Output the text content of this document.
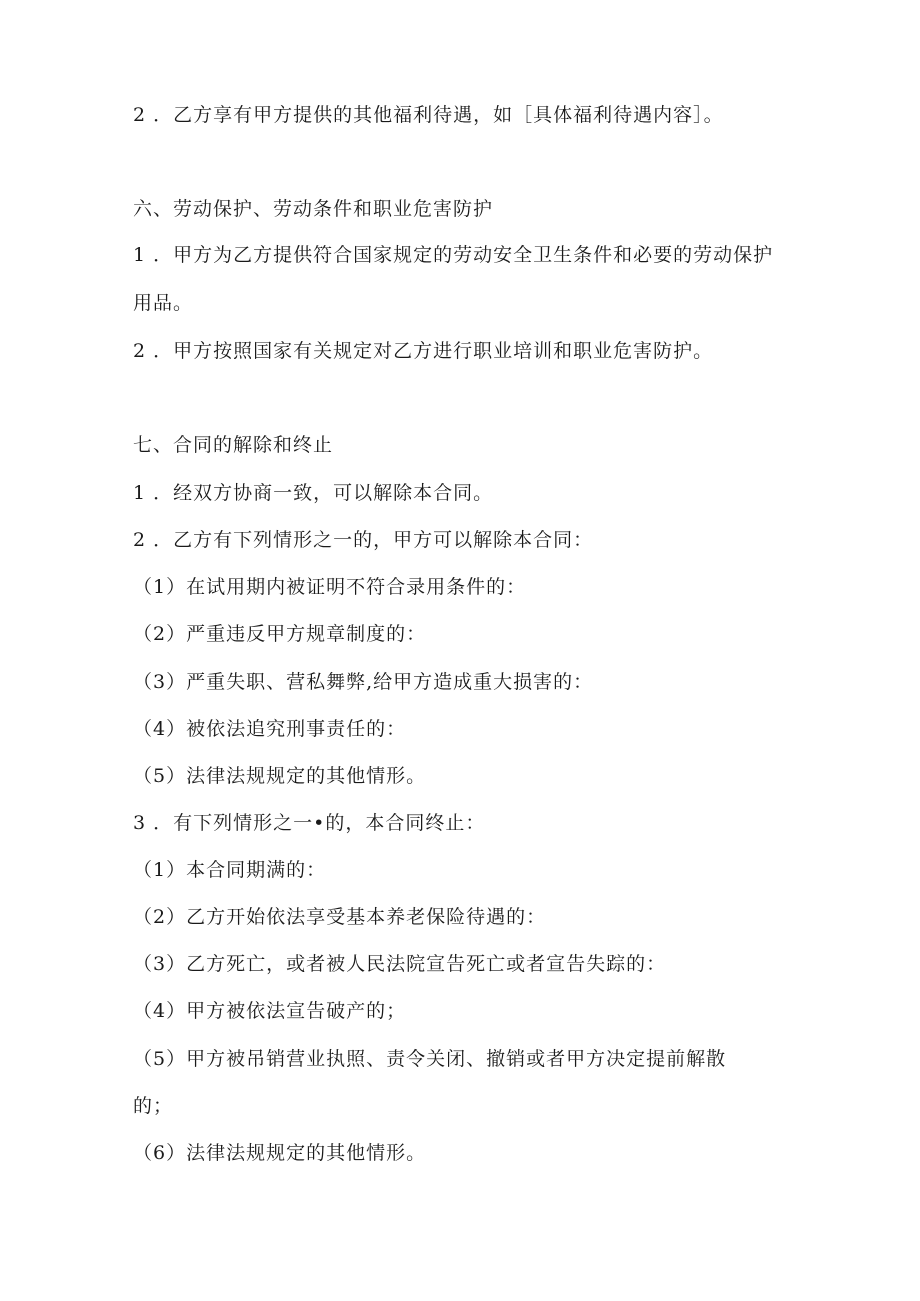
2 ．乙方享有甲方提供的其他福利待遇，如［具体福利待遇内容］。
六、劳动保护、劳动条件和职业危害防护
1 ．甲方为乙方提供符合国家规定的劳动安全卫生条件和必要的劳动保护
用品。
2 ．甲方按照国家有关规定对乙方进行职业培训和职业危害防护。
七、合同的解除和终止
1 ．经双方协商一致，可以解除本合同。
2 ．乙方有下列情形之一的，甲方可以解除本合同：
（1）在试用期内被证明不符合录用条件的：
（2）严重违反甲方规章制度的：
（3）严重失职、营私舞弊,给甲方造成重大损害的：
（4）被依法追究刑事责任的：
（5）法律法规规定的其他情形。
3 ．有下列情形之一•的，本合同终止：
（1）本合同期满的：
（2）乙方开始依法享受基本养老保险待遇的：
（3）乙方死亡，或者被人民法院宣告死亡或者宣告失踪的：
（4）甲方被依法宣告破产的；
（5）甲方被吊销营业执照、责令关闭、撤销或者甲方决定提前解散
的；
（6）法律法规规定的其他情形。
